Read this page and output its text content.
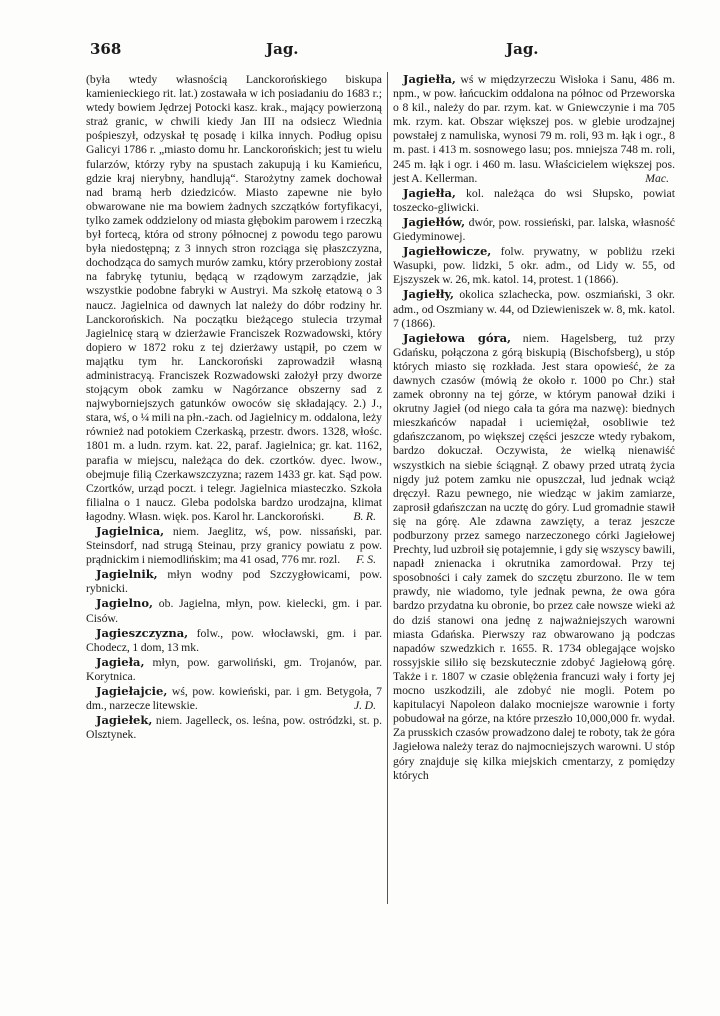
368	Jag.	Jag.

(była wtedy własnością Lanckorońskiego biskupa kamienieckiego rit. lat.) zostawała w ich posiadaniu do 1683 r.; wtedy bowiem Jędrzej Potocki kasz. krak., mający powierzoną straż granic, w chwili kiedy Jan III na odsiecz Wiednia pośpieszył, odzyskał tę posadę i kilka innych. Podług opisu Galicyi 1786 r. „miasto domu hr. Lanckorońskich; jest tu wielu fularzów, którzy ryby na spustach zakupują i ku Kamieńcu, gdzie kraj nierybny, handlują“. Starożytny zamek dochował nad bramą herb dziedziców. Miasto zapewne nie było obwarowane nie ma bowiem żadnych szczątków fortyfikacyi, tylko zamek oddzielony od miasta głębokim parowem i rzeczką był fortecą, która od strony północnej z powodu tego parowu była niedostępną; z 3 innych stron rozciąga się płaszczyzna, dochodząca do samych murów zamku, który przerobiony został na fabrykę tytuniu, będącą w rządowym zarządzie, jak wszystkie podobne fabryki w Austryi. Ma szkołę etatową o 3 naucz. Jagielnica od dawnych lat należy do dóbr rodziny hr. Lanckorońskich. Na początku bieżącego stulecia trzymał Jagielnicę starą w dzierżawie Franciszek Rozwadowski, który dopiero w 1872 roku z tej dzierżawy ustąpił, po czem w majątku tym hr. Lanckoroński zaprowadził własną administracyą. Franciszek Rozwadowski założył przy dworze stojącym obok zamku w Nagórzance obszerny sad z najwyborniejszych gatunków owoców się składający. 2.) J., stara, wś, o ¼ mili na płn.-zach. od Jagielnicy m. oddalona, leży również nad potokiem Czerkaską, przestr. dwors. 1328, włośc. 1801 m. a ludn. rzym. kat. 22, paraf. Jagielnica; gr. kat. 1162, parafia w miejscu, należąca do dek. czortków. dyec. lwow., obejmuje filią Czerkawszczyzna; razem 1433 gr. kat. Sąd pow. Czortków, urząd poczt. i telegr. Jagielnica miasteczko. Szkoła filialna o 1 naucz. Gleba podolska bardzo urodzajna, klimat łagodny. Własn. więk. pos. Karol hr. Lanckoroński. B. R.

Jagielnica, niem. Jaeglitz, wś, pow. nissański, par. Steinsdorf, nad strugą Steinau, przy granicy powiatu z pow. prądnickim i niemodlińskim; ma 41 osad, 776 mr. rozl.	F. S.

Jagielnik, młyn wodny pod Szczygłowicami, pow. rybnicki.

Jagielno, ob. Jagielna, młyn, pow. kielecki, gm. i par. Cisów.

Jagieszczyzna, folw., pow. włocławski, gm. i par. Chodecz, 1 dom, 13 mk.

Jagieła, młyn, pow. garwoliński, gm. Trojanów, par. Korytnica.

Jagiełajcie, wś, pow. kowieński, par. i gm. Betygoła, 7 dm., narzecze litewskie.	J. D.

Jagiełek, niem. Jagelleck, os. leśna, pow. ostródzki, st. p. Olsztynek.

Jagiełła, wś w międzyrzeczu Wisłoka i Sanu, 486 m. npm., w pow. łańcuckim oddalona na północ od Przeworska o 8 kil., należy do par. rzym. kat. w Gniewczynie i ma 705 mk. rzym. kat. Obszar większej pos. w glebie urodzajnej powstałej z namuliska, wynosi 79 m. roli, 93 m. łąk i ogr., 8 m. past. i 413 m. sosnowego lasu; pos. mniejsza 748 m. roli, 245 m. łąk i ogr. i 460 m. lasu. Właścicielem większej pos. jest A. Kellerman.	Mac.

Jagiełła, kol. należąca do wsi Słupsko, powiat toszecko-gliwicki.

Jagiełłów, dwór, pow. rossieński, par. lalska, własność Giedyminowej.

Jagiełłowicze, folw. prywatny, w pobliżu rzeki Wasupki, pow. lidzki, 5 okr. adm., od Lidy w. 55, od Ejszyszek w. 26, mk. katol. 14, protest. 1 (1866).

Jagiełły, okolica szlachecka, pow. oszmiański, 3 okr. adm., od Oszmiany w. 44, od Dziewieniszek w. 8, mk. katol. 7 (1866).

Jagiełowa góra, niem. Hagelsberg, tuż przy Gdańsku, połączona z górą biskupią (Bischofsberg), u stóp których miasto się rozkłada. Jest stara opowieść, że za dawnych czasów (mówią że około r. 1000 po Chr.) stał zamek obronny na tej górze, w którym panował dziki i okrutny Jagieł (od niego cała ta góra ma nazwę): biednych mieszkańców napadał i uciemiężał, osobliwie też gdańszczanom, po większej części jeszcze wtedy rybakom, bardzo dokuczał. Oczywista, że wielką nienawiść wszystkich na siebie ściągnął. Z obawy przed utratą życia nigdy już potem zamku nie opuszczał, lud jednak wciąż dręczył. Razu pewnego, nie wiedząc w jakim zamiarze, zaprosił gdańszczan na ucztę do góry. Lud gromadnie stawił się na górę. Ale zdawna zawzięty, a teraz jeszcze podburzony przez samego narzeczonego córki Jagiełowej Prechty, lud uzbroił się potajemnie, i gdy się wszyscy bawili, napadł znienacka i okrutnika zamordował. Przy tej sposobności i cały zamek do szczętu zburzono. Ile w tem prawdy, nie wiadomo, tyle jednak pewna, że owa góra bardzo przydatna ku obronie, bo przez całe nowsze wieki aż do dziś stanowi ona jednę z najważniejszych warowni miasta Gdańska. Pierwszy raz obwarowano ją podczas napadów szwedzkich r. 1655. R. 1734 oblegające wojsko rossyjskie siliło się bezskutecznie zdobyć Jagiełową górę. Także i r. 1807 w czasie oblężenia francuzi wały i forty jej mocno uszkodzili, ale zdobyć nie mogli. Potem po kapitulacyi Napoleon dalako mocniejsze warownie i forty pobudował na górze, na które przeszło 10,000,000 fr. wydał. Za prusskich czasów prowadzono dalej te roboty, tak że góra Jagiełowa należy teraz do najmocniejszych warowni. U stóp góry znajduje się kilka miejskich cmentarzy, z pomiędzy których
